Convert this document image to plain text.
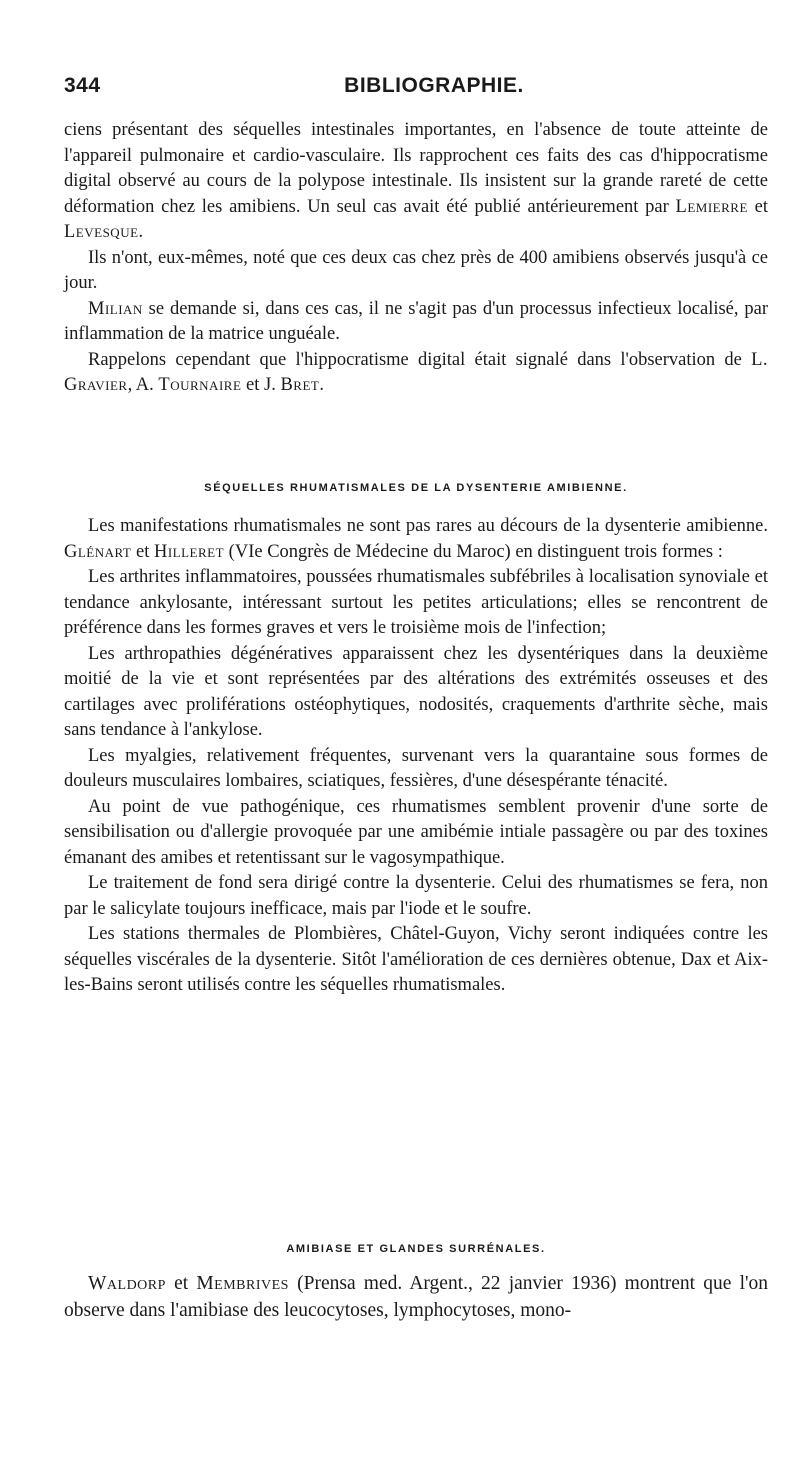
344	BIBLIOGRAPHIE.

ciens présentant des séquelles intestinales importantes, en l'absence de toute atteinte de l'appareil pulmonaire et cardio-vasculaire. Ils rapprochent ces faits des cas d'hippocratisme digital observé au cours de la polypose intestinale. Ils insistent sur la grande rareté de cette déformation chez les amibiens. Un seul cas avait été publié antérieurement par Lemierre et Levesque.

Ils n'ont, eux-mêmes, noté que ces deux cas chez près de 400 amibiens observés jusqu'à ce jour.

Milian se demande si, dans ces cas, il ne s'agit pas d'un processus infectieux localisé, par inflammation de la matrice unguéale.

Rappelons cependant que l'hippocratisme digital était signalé dans l'observation de L. Gravier, A. Tournaire et J. Bret.

SÉQUELLES RHUMATISMALES DE LA DYSENTERIE AMIBIENNE.

Les manifestations rhumatismales ne sont pas rares au décours de la dysenterie amibienne. Glénart et Hilleret (VIe Congrès de Médecine du Maroc) en distinguent trois formes :

Les arthrites inflammatoires, poussées rhumatismales subfébriles à localisation synoviale et tendance ankylosante, intéressant surtout les petites articulations; elles se rencontrent de préférence dans les formes graves et vers le troisième mois de l'infection;

Les arthropathies dégénératives apparaissent chez les dysentériques dans la deuxième moitié de la vie et sont représentées par des altérations des extrémités osseuses et des cartilages avec proliférations ostéophytiques, nodosités, craquements d'arthrite sèche, mais sans tendance à l'ankylose.

Les myalgies, relativement fréquentes, survenant vers la quarantaine sous formes de douleurs musculaires lombaires, sciatiques, fessières, d'une désespérante ténacité.

Au point de vue pathogénique, ces rhumatismes semblent provenir d'une sorte de sensibilisation ou d'allergie provoquée par une amibémie intiale passagère ou par des toxines émanant des amibes et retentissant sur le vagosympathique.

Le traitement de fond sera dirigé contre la dysenterie. Celui des rhumatismes se fera, non par le salicylate toujours inefficace, mais par l'iode et le soufre.

Les stations thermales de Plombières, Châtel-Guyon, Vichy seront indiquées contre les séquelles viscérales de la dysenterie. Sitôt l'amélioration de ces dernières obtenue, Dax et Aix-les-Bains seront utilisés contre les séquelles rhumatismales.

AMIBIASE ET GLANDES SURRÉNALES.

Waldorp et Membrives (Prensa med. Argent., 22 janvier 1936) montrent que l'on observe dans l'amibiase des leucocytoses, lymphocytoses, mono-
